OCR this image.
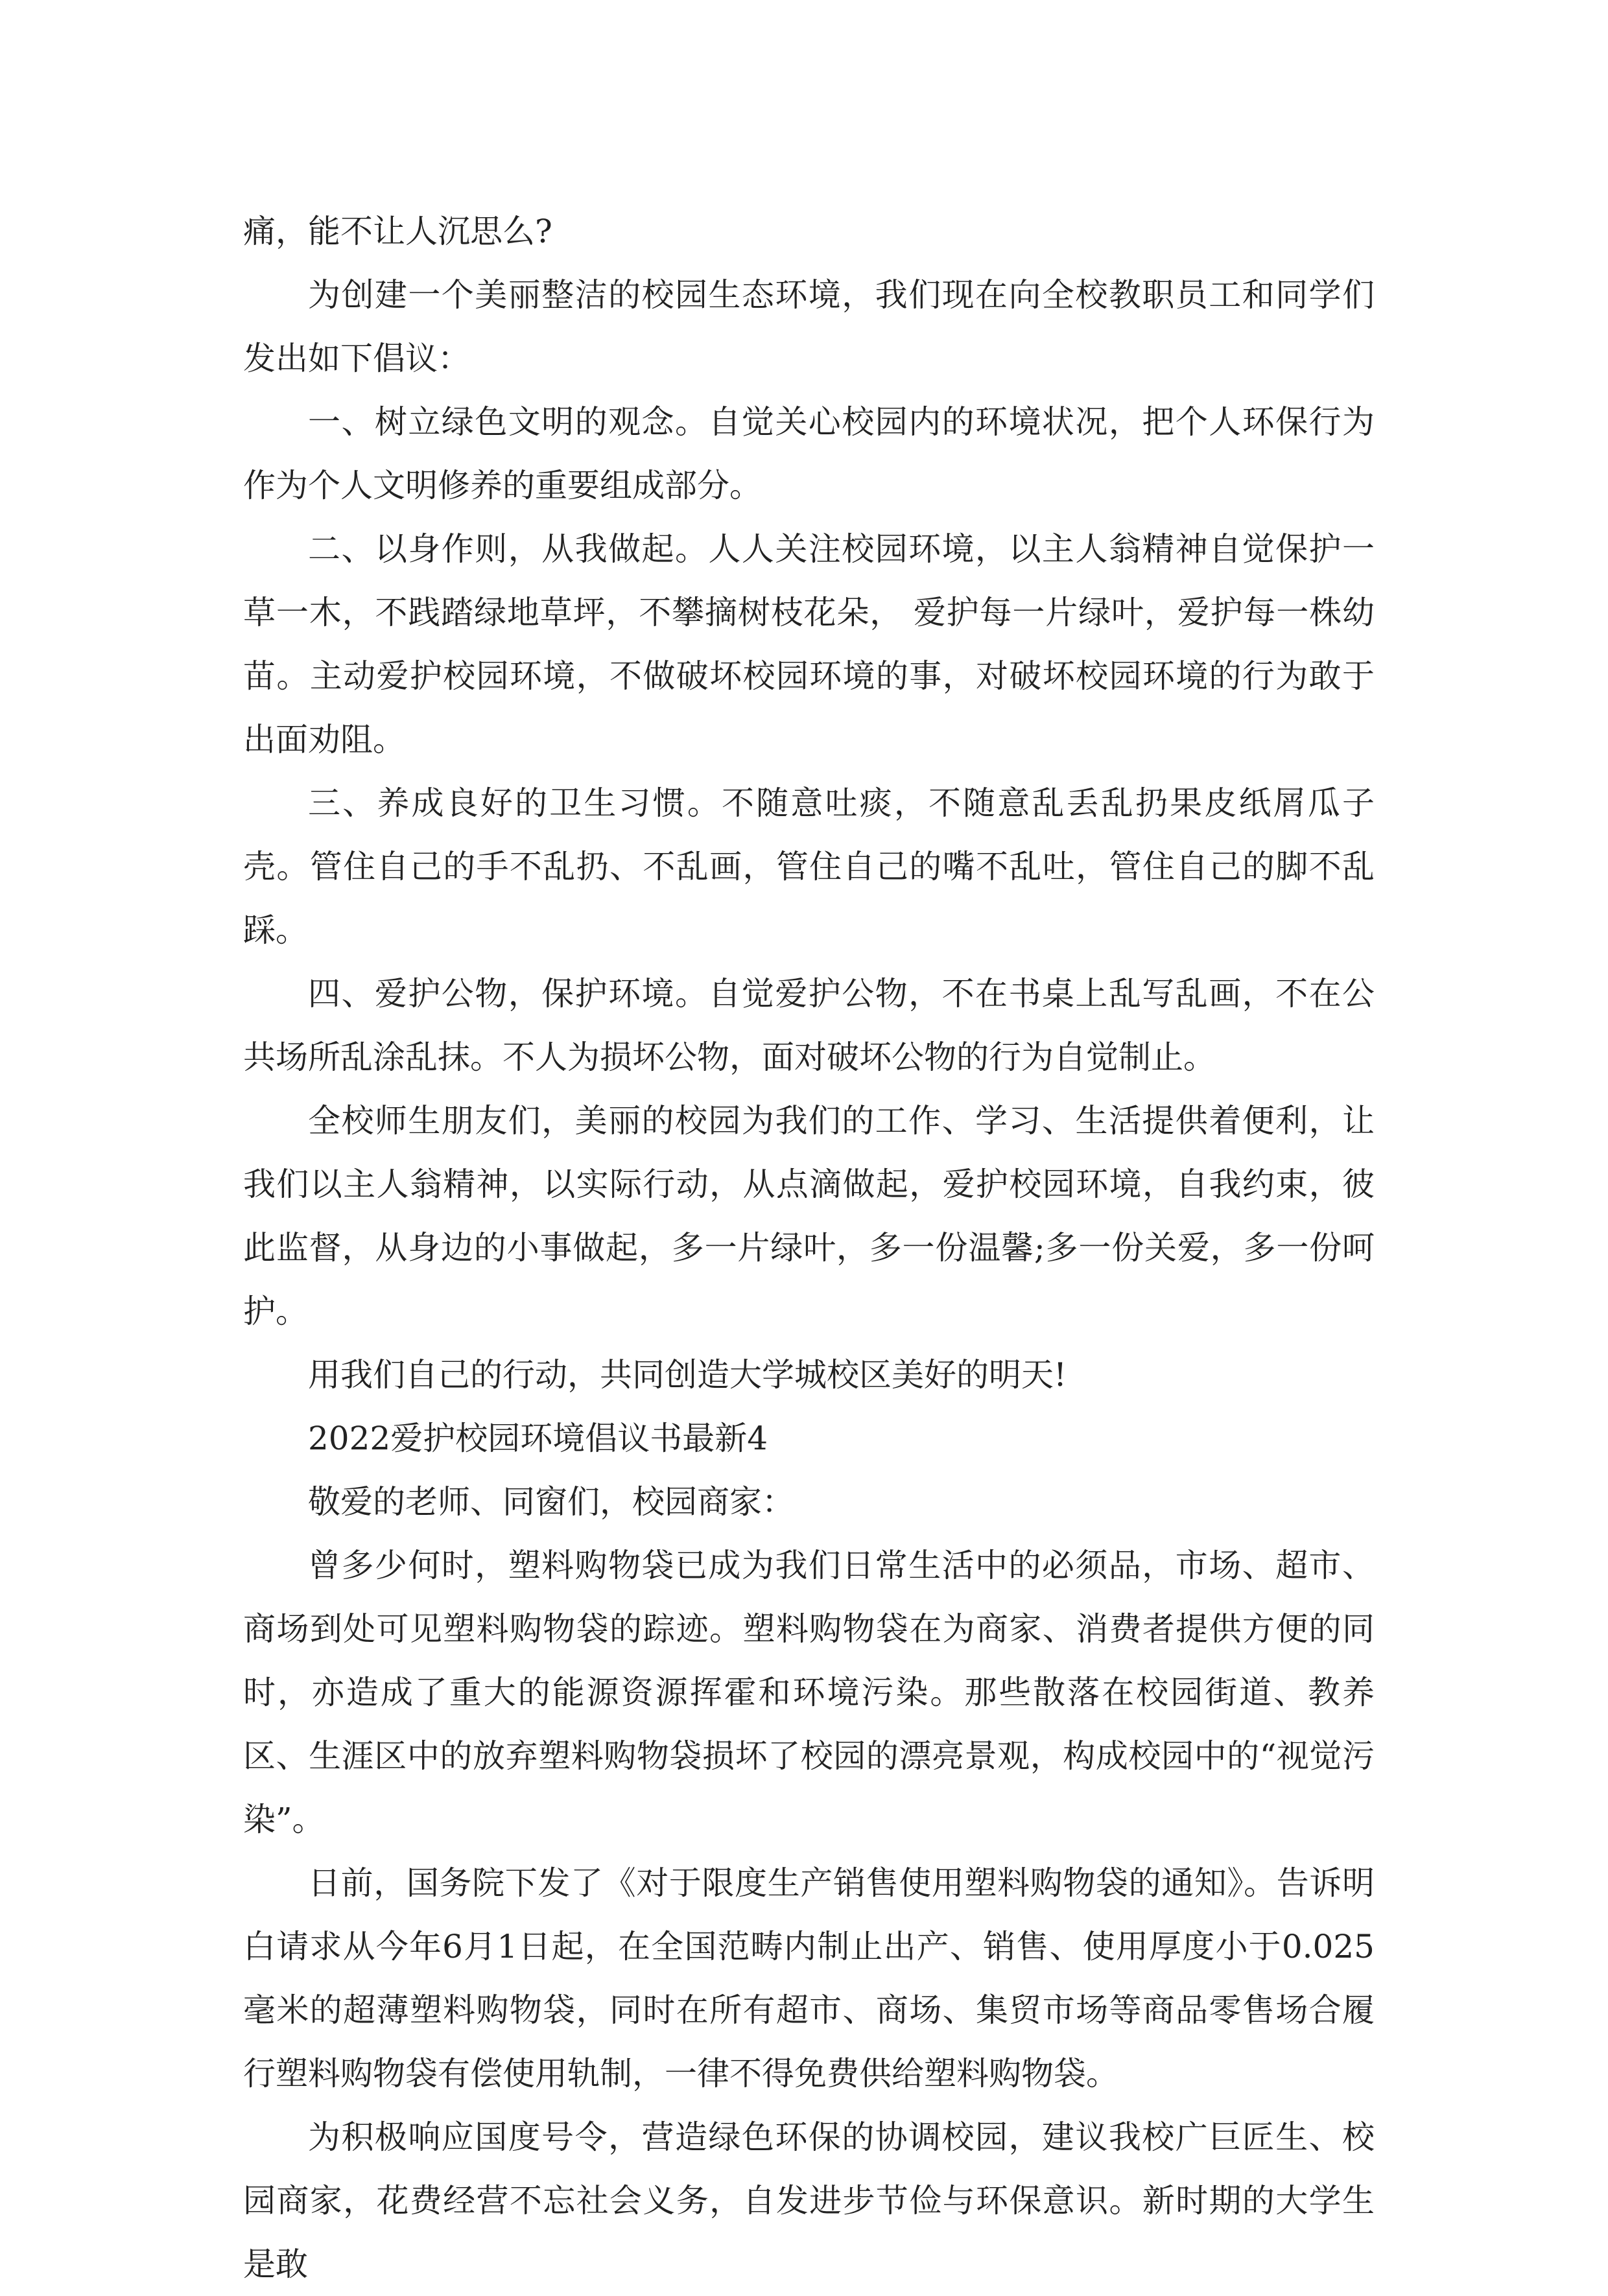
痛，能不让人沉思么?

为创建一个美丽整洁的校园生态环境，我们现在向全校教职员工和同学们发出如下倡议：

一、树立绿色文明的观念。自觉关心校园内的环境状况，把个人环保行为作为个人文明修养的重要组成部分。

二、以身作则，从我做起。人人关注校园环境，以主人翁精神自觉保护一草一木，不践踏绿地草坪，不攀摘树枝花朵， 爱护每一片绿叶，爱护每一株幼苗。主动爱护校园环境，不做破坏校园环境的事，对破坏校园环境的行为敢于出面劝阻。

三、养成良好的卫生习惯。不随意吐痰，不随意乱丢乱扔果皮纸屑瓜子壳。管住自己的手不乱扔、不乱画，管住自己的嘴不乱吐，管住自己的脚不乱踩。

四、爱护公物，保护环境。自觉爱护公物，不在书桌上乱写乱画，不在公共场所乱涂乱抹。不人为损坏公物，面对破坏公物的行为自觉制止。

全校师生朋友们，美丽的校园为我们的工作、学习、生活提供着便利，让我们以主人翁精神，以实际行动，从点滴做起，爱护校园环境，自我约束，彼此监督，从身边的小事做起，多一片绿叶，多一份温馨;多一份关爱，多一份呵护。

用我们自己的行动，共同创造大学城校区美好的明天!

2022爱护校园环境倡议书最新4

敬爱的老师、同窗们，校园商家：

曾多少何时，塑料购物袋已成为我们日常生活中的必须品，市场、超市、商场到处可见塑料购物袋的踪迹。塑料购物袋在为商家、消费者提供方便的同时，亦造成了重大的能源资源挥霍和环境污染。那些散落在校园街道、教养区、生涯区中的放弃塑料购物袋损坏了校园的漂亮景观，构成校园中的“视觉污染”。

日前，国务院下发了《对于限度生产销售使用塑料购物袋的通知》。告诉明白请求从今年6月1日起，在全国范畴内制止出产、销售、使用厚度小于0.025毫米的超薄塑料购物袋，同时在所有超市、商场、集贸市场等商品零售场合履行塑料购物袋有偿使用轨制，一律不得免费供给塑料购物袋。

为积极响应国度号令，营造绿色环保的协调校园，建议我校广巨匠生、校园商家，花费经营不忘社会义务，自发进步节俭与环保意识。新时期的大学生是敢
